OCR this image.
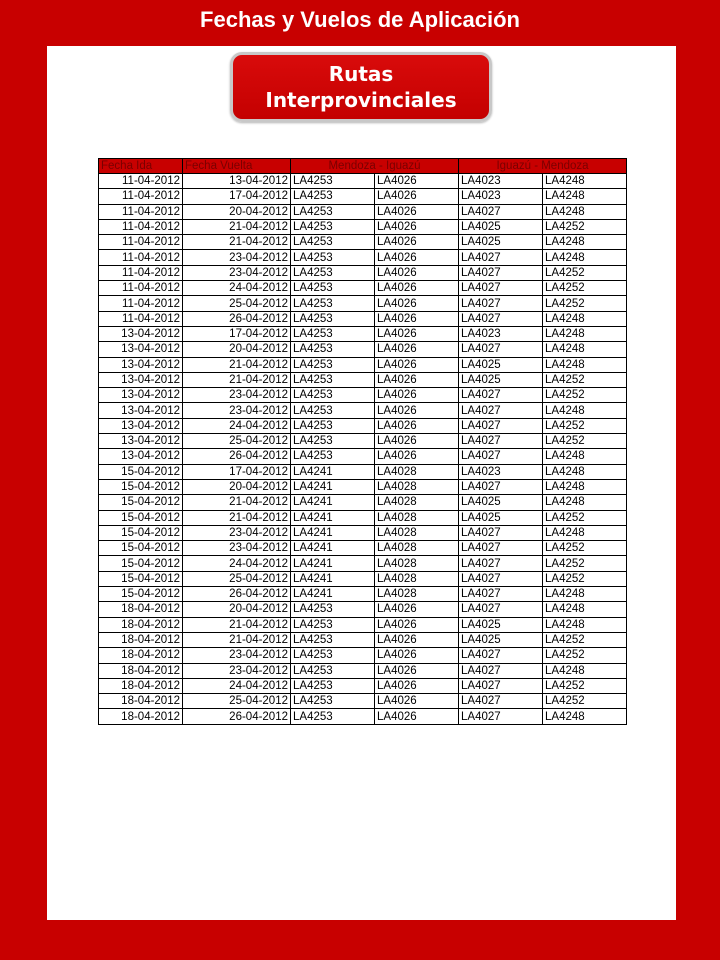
Fechas y Vuelos de Aplicación
Rutas
Interprovinciales
Fecha Ida	Fecha Vuelta	Mendoza - Iguazú		Iguazú - Mendoza	
11-04-2012	13-04-2012	LA4253	LA4026	LA4023	LA4248
11-04-2012	17-04-2012	LA4253	LA4026	LA4023	LA4248
11-04-2012	20-04-2012	LA4253	LA4026	LA4027	LA4248
11-04-2012	21-04-2012	LA4253	LA4026	LA4025	LA4252
11-04-2012	21-04-2012	LA4253	LA4026	LA4025	LA4248
11-04-2012	23-04-2012	LA4253	LA4026	LA4027	LA4248
11-04-2012	23-04-2012	LA4253	LA4026	LA4027	LA4252
11-04-2012	24-04-2012	LA4253	LA4026	LA4027	LA4252
11-04-2012	25-04-2012	LA4253	LA4026	LA4027	LA4252
11-04-2012	26-04-2012	LA4253	LA4026	LA4027	LA4248
13-04-2012	17-04-2012	LA4253	LA4026	LA4023	LA4248
13-04-2012	20-04-2012	LA4253	LA4026	LA4027	LA4248
13-04-2012	21-04-2012	LA4253	LA4026	LA4025	LA4248
13-04-2012	21-04-2012	LA4253	LA4026	LA4025	LA4252
13-04-2012	23-04-2012	LA4253	LA4026	LA4027	LA4252
13-04-2012	23-04-2012	LA4253	LA4026	LA4027	LA4248
13-04-2012	24-04-2012	LA4253	LA4026	LA4027	LA4252
13-04-2012	25-04-2012	LA4253	LA4026	LA4027	LA4252
13-04-2012	26-04-2012	LA4253	LA4026	LA4027	LA4248
15-04-2012	17-04-2012	LA4241	LA4028	LA4023	LA4248
15-04-2012	20-04-2012	LA4241	LA4028	LA4027	LA4248
15-04-2012	21-04-2012	LA4241	LA4028	LA4025	LA4248
15-04-2012	21-04-2012	LA4241	LA4028	LA4025	LA4252
15-04-2012	23-04-2012	LA4241	LA4028	LA4027	LA4248
15-04-2012	23-04-2012	LA4241	LA4028	LA4027	LA4252
15-04-2012	24-04-2012	LA4241	LA4028	LA4027	LA4252
15-04-2012	25-04-2012	LA4241	LA4028	LA4027	LA4252
15-04-2012	26-04-2012	LA4241	LA4028	LA4027	LA4248
18-04-2012	20-04-2012	LA4253	LA4026	LA4027	LA4248
18-04-2012	21-04-2012	LA4253	LA4026	LA4025	LA4248
18-04-2012	21-04-2012	LA4253	LA4026	LA4025	LA4252
18-04-2012	23-04-2012	LA4253	LA4026	LA4027	LA4252
18-04-2012	23-04-2012	LA4253	LA4026	LA4027	LA4248
18-04-2012	24-04-2012	LA4253	LA4026	LA4027	LA4252
18-04-2012	25-04-2012	LA4253	LA4026	LA4027	LA4252
18-04-2012	26-04-2012	LA4253	LA4026	LA4027	LA4248
